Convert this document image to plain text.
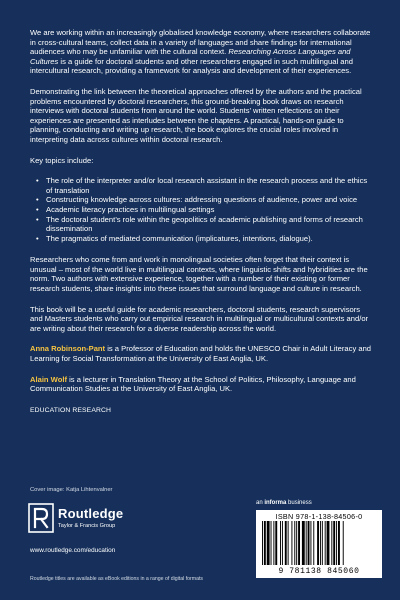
We are working within an increasingly globalised knowledge economy, where researchers collaborate in cross-cultural teams, collect data in a variety of languages and share findings for international audiences who may be unfamiliar with the cultural context. Researching Across Languages and Cultures is a guide for doctoral students and other researchers engaged in such multilingual and intercultural research, providing a framework for analysis and development of their experiences.

Demonstrating the link between the theoretical approaches offered by the authors and the practical problems encountered by doctoral researchers, this ground-breaking book draws on research interviews with doctoral students from around the world. Students’ written reflections on their experiences are presented as interludes between the chapters. A practical, hands-on guide to planning, conducting and writing up research, the book explores the crucial roles involved in interpreting data across cultures within doctoral research.

Key topics include:

• The role of the interpreter and/or local research assistant in the research process and the ethics of translation
• Constructing knowledge across cultures: addressing questions of audience, power and voice
• Academic literacy practices in multilingual settings
• The doctoral student’s role within the geopolitics of academic publishing and forms of research dissemination
• The pragmatics of mediated communication (implicatures, intentions, dialogue).

Researchers who come from and work in monolingual societies often forget that their context is unusual – most of the world live in multilingual contexts, where linguistic shifts and hybridities are the norm. Two authors with extensive experience, together with a number of their existing or former research students, share insights into these issues that surround language and culture in research.

This book will be a useful guide for academic researchers, doctoral students, research supervisors and Masters students who carry out empirical research in multilingual or multicultural contexts and/or are writing about their research for a diverse readership across the world.

Anna Robinson-Pant is a Professor of Education and holds the UNESCO Chair in Adult Literacy and Learning for Social Transformation at the University of East Anglia, UK.

Alain Wolf is a lecturer in Translation Theory at the School of Politics, Philosophy, Language and Communication Studies at the University of East Anglia, UK.

EDUCATION RESEARCH
Cover image: Katja Lihtenvalner
Routledge
Taylor & Francis Group
www.routledge.com/education
Routledge titles are available as eBook editions in a range of digital formats
an informa business
ISBN 978-1-138-84506-0
9 781138 845060
